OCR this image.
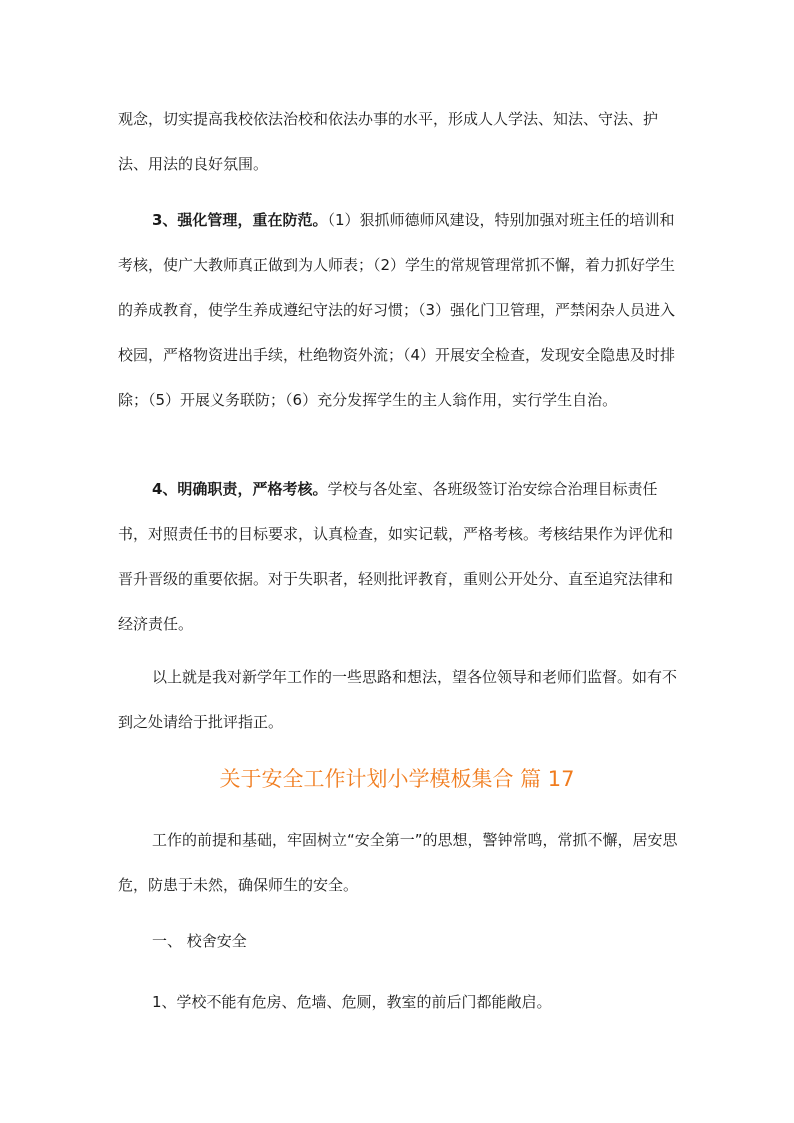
观念，切实提高我校依法治校和依法办事的水平，形成人人学法、知法、守法、护法、用法的良好氛围。

3、强化管理，重在防范。（1）狠抓师德师风建设，特别加强对班主任的培训和考核，使广大教师真正做到为人师表；（2）学生的常规管理常抓不懈，着力抓好学生的养成教育，使学生养成遵纪守法的好习惯；（3）强化门卫管理，严禁闲杂人员进入校园，严格物资进出手续，杜绝物资外流；（4）开展安全检查，发现安全隐患及时排除；（5）开展义务联防；（6）充分发挥学生的主人翁作用，实行学生自治。

4、明确职责，严格考核。学校与各处室、各班级签订治安综合治理目标责任书，对照责任书的目标要求，认真检查，如实记载，严格考核。考核结果作为评优和晋升晋级的重要依据。对于失职者，轻则批评教育，重则公开处分、直至追究法律和经济责任。

以上就是我对新学年工作的一些思路和想法，望各位领导和老师们监督。如有不到之处请给于批评指正。

关于安全工作计划小学模板集合 篇 17

工作的前提和基础，牢固树立“安全第一”的思想，警钟常鸣，常抓不懈，居安思危，防患于未然，确保师生的安全。

一、 校舍安全

1、学校不能有危房、危墙、危厕，教室的前后门都能敞启。
